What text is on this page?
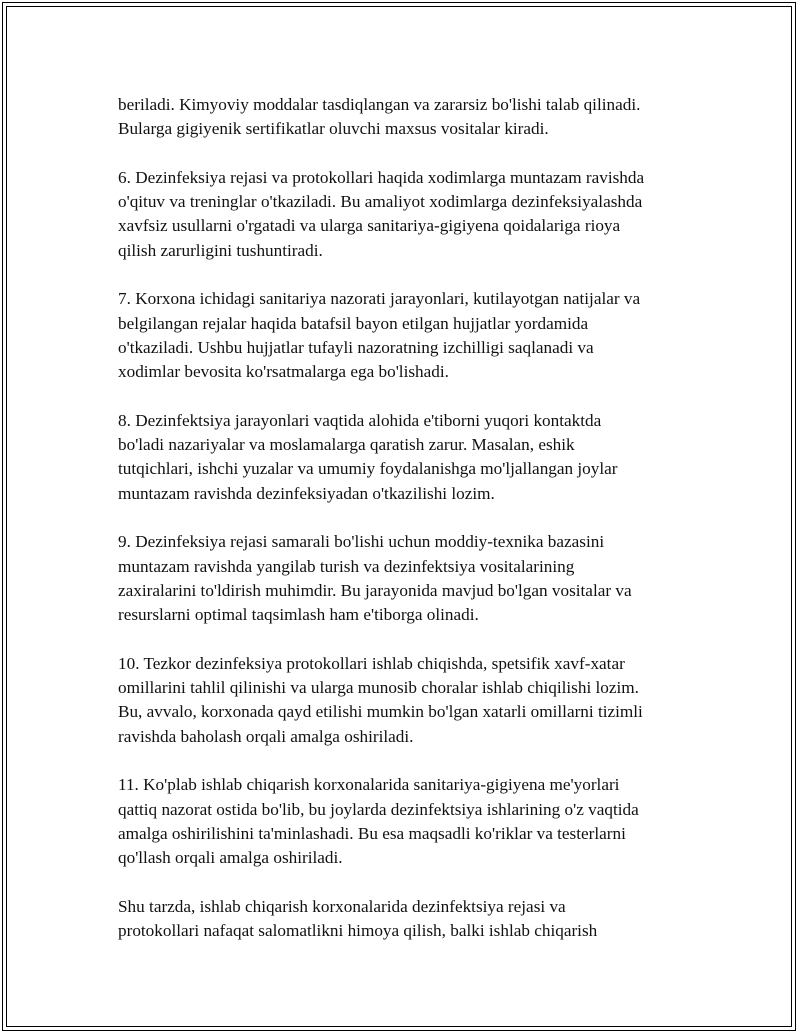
beriladi. Kimyoviy moddalar tasdiqlangan va zararsiz bo'lishi talab qilinadi.
Bularga gigiyenik sertifikatlar oluvchi maxsus vositalar kiradi.

6. Dezinfeksiya rejasi va protokollari haqida xodimlarga muntazam ravishda
o'qituv va treninglar o'tkaziladi. Bu amaliyot xodimlarga dezinfeksiyalashda
xavfsiz usullarni o'rgatadi va ularga sanitariya-gigiyena qoidalariga rioya
qilish zarurligini tushuntiradi.

7. Korxona ichidagi sanitariya nazorati jarayonlari, kutilayotgan natijalar va
belgilangan rejalar haqida batafsil bayon etilgan hujjatlar yordamida
o'tkaziladi. Ushbu hujjatlar tufayli nazoratning izchilligi saqlanadi va
xodimlar bevosita ko'rsatmalarga ega bo'lishadi.

8. Dezinfektsiya jarayonlari vaqtida alohida e'tiborni yuqori kontaktda
bo'ladi nazariyalar va moslamalarga qaratish zarur. Masalan, eshik
tutqichlari, ishchi yuzalar va umumiy foydalanishga mo'ljallangan joylar
muntazam ravishda dezinfeksiyadan o'tkazilishi lozim.

9. Dezinfeksiya rejasi samarali bo'lishi uchun moddiy-texnika bazasini
muntazam ravishda yangilab turish va dezinfektsiya vositalarining
zaxiralarini to'ldirish muhimdir. Bu jarayonida mavjud bo'lgan vositalar va
resurslarni optimal taqsimlash ham e'tiborga olinadi.

10. Tezkor dezinfeksiya protokollari ishlab chiqishda, spetsifik xavf-xatar
omillarini tahlil qilinishi va ularga munosib choralar ishlab chiqilishi lozim.
Bu, avvalo, korxonada qayd etilishi mumkin bo'lgan xatarli omillarni tizimli
ravishda baholash orqali amalga oshiriladi.

11. Ko'plab ishlab chiqarish korxonalarida sanitariya-gigiyena me'yorlari
qattiq nazorat ostida bo'lib, bu joylarda dezinfektsiya ishlarining o'z vaqtida
amalga oshirilishini ta'minlashadi. Bu esa maqsadli ko'riklar va testerlarni
qo'llash orqali amalga oshiriladi.

Shu tarzda, ishlab chiqarish korxonalarida dezinfektsiya rejasi va
protokollari nafaqat salomatlikni himoya qilish, balki ishlab chiqarish
